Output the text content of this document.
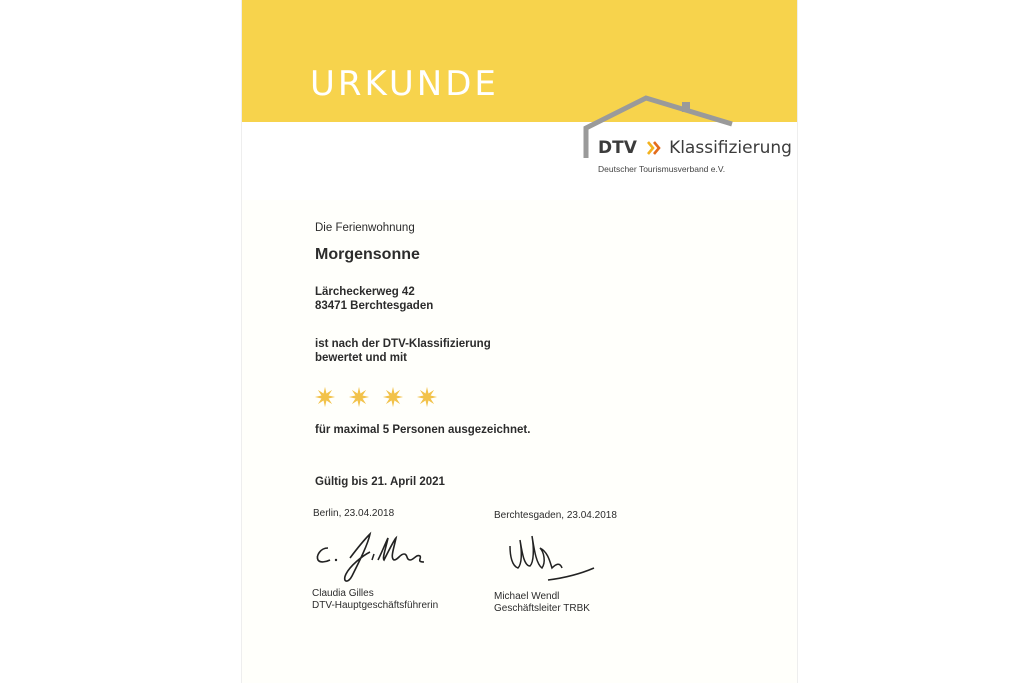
URKUNDE
DTV Klassifizierung
Deutscher Tourismusverband e.V.
Die Ferienwohnung
Morgensonne
Lärcheckerweg 42
83471 Berchtesgaden
ist nach der DTV-Klassifizierung
bewertet und mit
für maximal 5 Personen ausgezeichnet.
Gültig bis 21. April 2021
Berlin, 23.04.2018	Berchtesgaden, 23.04.2018
Claudia Gilles
DTV-Hauptgeschäftsführerin
Michael Wendl
Geschäftsleiter TRBK
